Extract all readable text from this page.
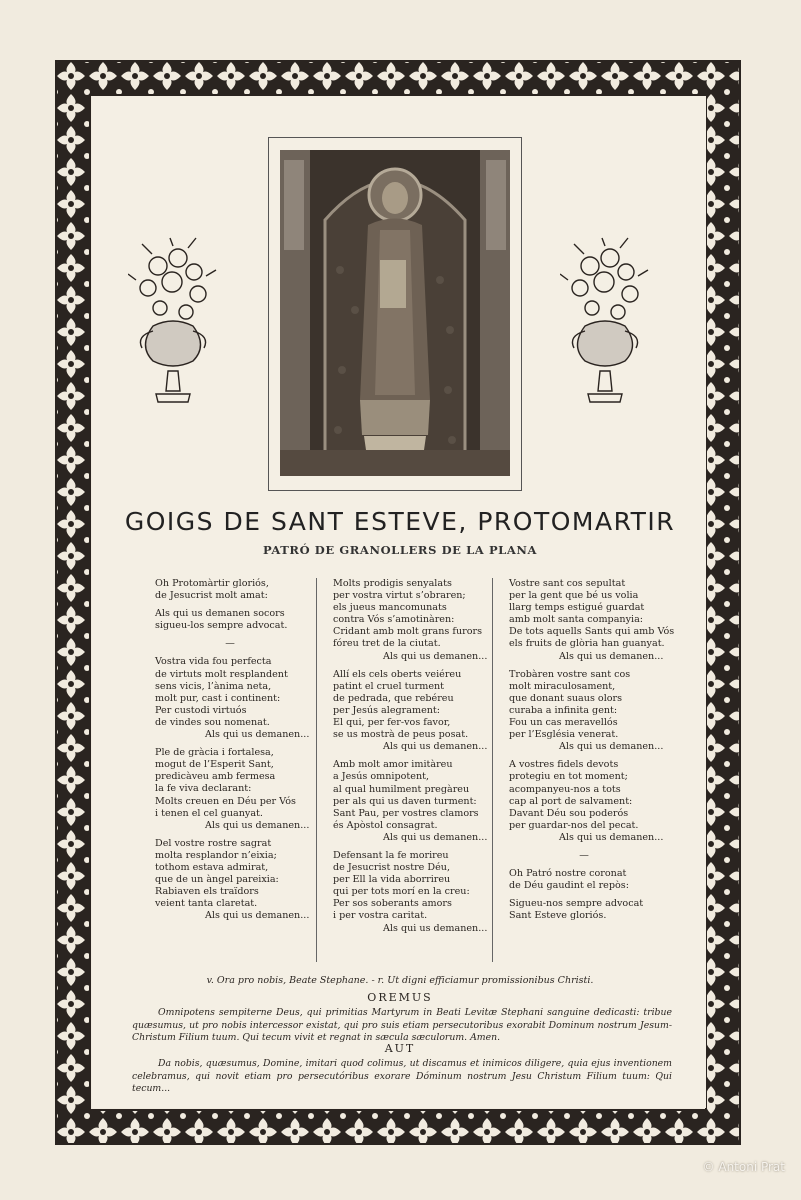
GOIGS DE SANT ESTEVE, PROTOMARTIR
PATRÓ DE GRANOLLERS DE LA PLANA
Oh Protomàrtir gloriós,
de Jesucrist molt amat:
Als qui us demanen socors
sigueu-los sempre advocat.
—
Vostra vida fou perfecta
de virtuts molt resplandent
sens vicis, l’ànima neta,
molt pur, cast i continent:
Per custodi virtuós
de vindes sou nomenat.
Als qui us demanen...
Ple de gràcia i fortalesa,
mogut de l’Esperit Sant,
predicàveu amb fermesa
la fe viva declarant:
Molts creuen en Déu per Vós
i tenen el cel guanyat.
Als qui us demanen...
Del vostre rostre sagrat
molta resplandor n’eixia;
tothom estava admirat,
que de un àngel pareixia:
Rabiaven els traïdors
veient tanta claretat.
Als qui us demanen...
Molts prodigis senyalats
per vostra virtut s’obraren;
els jueus mancomunats
contra Vós s’amotinàren:
Cridant amb molt grans furors
fóreu tret de la ciutat.
Als qui us demanen...
Allí els cels oberts veiéreu
patint el cruel turment
de pedrada, que rebéreu
per Jesús alegrament:
El qui, per fer-vos favor,
se us mostrà de peus posat.
Als qui us demanen...
Amb molt amor imitàreu
a Jesús omnipotent,
al qual humilment pregàreu
per als qui us daven turment:
Sant Pau, per vostres clamors
és Apòstol consagrat.
Als qui us demanen...
Defensant la fe morireu
de Jesucrist nostre Déu,
per Ell la vida aborrireu
qui per tots morí en la creu:
Per sos soberants amors
i per vostra caritat.
Als qui us demanen...
Vostre sant cos sepultat
per la gent que bé us volia
llarg temps estigué guardat
amb molt santa companyia:
De tots aquells Sants qui amb Vós
els fruits de glòria han guanyat.
Als qui us demanen...
Trobàren vostre sant cos
molt miraculosament,
que donant suaus olors
curaba a infinita gent:
Fou un cas meravellós
per l’Església venerat.
Als qui us demanen...
A vostres fidels devots
protegiu en tot moment;
acompanyeu-nos a tots
cap al port de salvament:
Davant Déu sou poderós
per guardar-nos del pecat.
Als qui us demanen...
—
Oh Patró nostre coronat
de Déu gaudint el repòs:
Sigueu-nos sempre advocat
Sant Esteve gloriós.
v. Ora pro nobis, Beate Stephane. - r. Ut digni efficiamur promissionibus Christi.
OREMUS
Omnipotens sempiterne Deus, qui primitias Martyrum in Beati Levitæ Stephani sanguine dedicasti: tribue quæsumus, ut pro nobis intercessor existat, qui pro suis etiam persecutoribus exorabit Dominum nostrum Jesum-Christum Filium tuum. Qui tecum vivit et regnat in sæcula sæculorum. Amen.
AUT
Da nobis, quæsumus, Domine, imitari quod colimus, ut discamus et inimicos diligere, quia ejus inventionem celebramus, qui novit etiam pro persecutóribus exorare Dóminum nostrum Jesu Christum Filium tuum: Qui tecum...
© Antoni Prat
